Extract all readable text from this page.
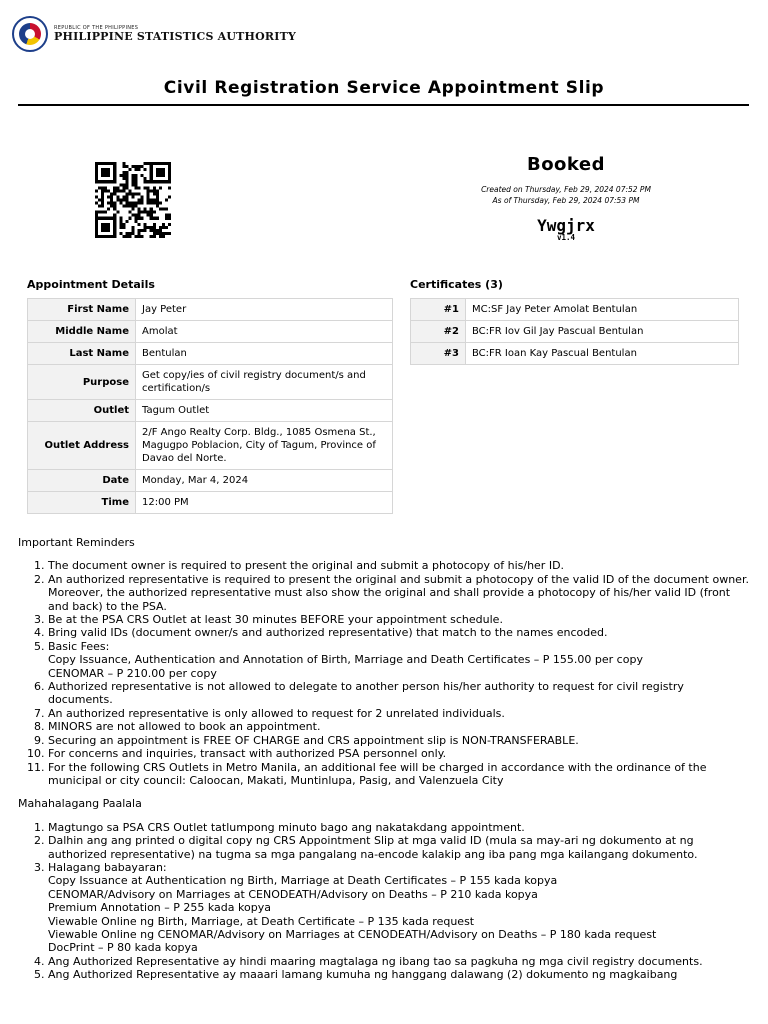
REPUBLIC OF THE PHILIPPINES
PHILIPPINE STATISTICS AUTHORITY
Civil Registration Service Appointment Slip
Booked
Created on Thursday, Feb 29, 2024 07:52 PM
As of Thursday, Feb 29, 2024 07:53 PM
Ywgjrx
v1.4
Appointment Details
First Name	Jay Peter
Middle Name	Amolat
Last Name	Bentulan
Purpose	Get copy/ies of civil registry document/s and certification/s
Outlet	Tagum Outlet
Outlet Address	2/F Ango Realty Corp. Bldg., 1085 Osmena St., Magugpo Poblacion, City of Tagum, Province of Davao del Norte.
Date	Monday, Mar 4, 2024
Time	12:00 PM
Certificates (3)
#1	MC:SF Jay Peter Amolat Bentulan
#2	BC:FR Iov Gil Jay Pascual Bentulan
#3	BC:FR Ioan Kay Pascual Bentulan
Important Reminders
1. The document owner is required to present the original and submit a photocopy of his/her ID.
2. An authorized representative is required to present the original and submit a photocopy of the valid ID of the document owner. Moreover, the authorized representative must also show the original and shall provide a photocopy of his/her valid ID (front and back) to the PSA.
3. Be at the PSA CRS Outlet at least 30 minutes BEFORE your appointment schedule.
4. Bring valid IDs (document owner/s and authorized representative) that match to the names encoded.
5. Basic Fees:
Copy Issuance, Authentication and Annotation of Birth, Marriage and Death Certificates – P 155.00 per copy
CENOMAR – P 210.00 per copy
6. Authorized representative is not allowed to delegate to another person his/her authority to request for civil registry documents.
7. An authorized representative is only allowed to request for 2 unrelated individuals.
8. MINORS are not allowed to book an appointment.
9. Securing an appointment is FREE OF CHARGE and CRS appointment slip is NON-TRANSFERABLE.
10. For concerns and inquiries, transact with authorized PSA personnel only.
11. For the following CRS Outlets in Metro Manila, an additional fee will be charged in accordance with the ordinance of the municipal or city council: Caloocan, Makati, Muntinlupa, Pasig, and Valenzuela City
Mahahalagang Paalala
1. Magtungo sa PSA CRS Outlet tatlumpong minuto bago ang nakatakdang appointment.
2. Dalhin ang ang printed o digital copy ng CRS Appointment Slip at mga valid ID (mula sa may-ari ng dokumento at ng authorized representative) na tugma sa mga pangalang na-encode kalakip ang iba pang mga kailangang dokumento.
3. Halagang babayaran:
Copy Issuance at Authentication ng Birth, Marriage at Death Certificates – P 155 kada kopya
CENOMAR/Advisory on Marriages at CENODEATH/Advisory on Deaths – P 210 kada kopya
Premium Annotation – P 255 kada kopya
Viewable Online ng Birth, Marriage, at Death Certificate – P 135 kada request
Viewable Online ng CENOMAR/Advisory on Marriages at CENODEATH/Advisory on Deaths – P 180 kada request
DocPrint – P 80 kada kopya
4. Ang Authorized Representative ay hindi maaring magtalaga ng ibang tao sa pagkuha ng mga civil registry documents.
5. Ang Authorized Representative ay maaari lamang kumuha ng hanggang dalawang (2) dokumento ng magkaibang
